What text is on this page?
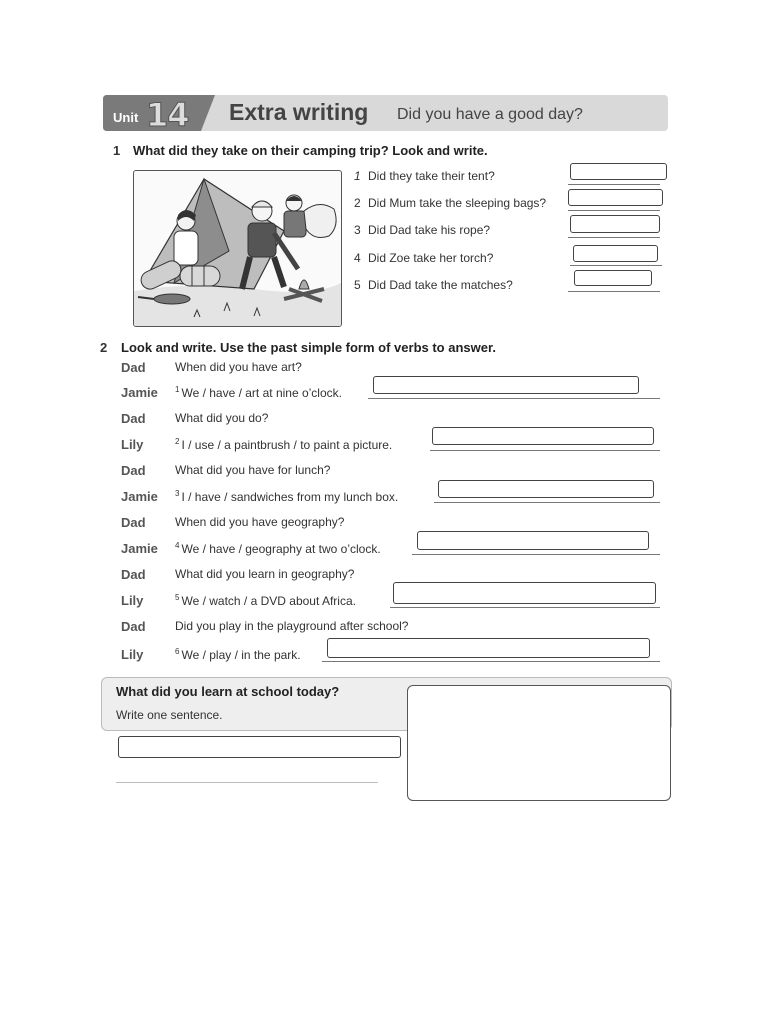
Unit 14 Extra writing Did you have a good day?
1 What did they take on their camping trip? Look and write.
1 Did they take their tent?
2 Did Mum take the sleeping bags?
3 Did Dad take his rope?
4 Did Zoe take her torch?
5 Did Dad take the matches?
2 Look and write. Use the past simple form of verbs to answer.
Dad When did you have art?
Jamie $^1$ We / have / art at nine o’clock.
Dad What did you do?
Lily	$^2$ I / use / a paintbrush / to paint a picture.
Dad What did you have for lunch?
Jamie $^3$ I / have / sandwiches from my lunch box.
Dad When did you have geography?
Jamie $^4$ We / have / geography at two o’clock.
Dad What did you learn in geography?
Lily	$^5$ We / watch / a DVD about Africa.
Dad Did you play in the playground after school?
Lily	$^6$ We / play / in the park.
What did you learn at school today?
Write one sentence.
